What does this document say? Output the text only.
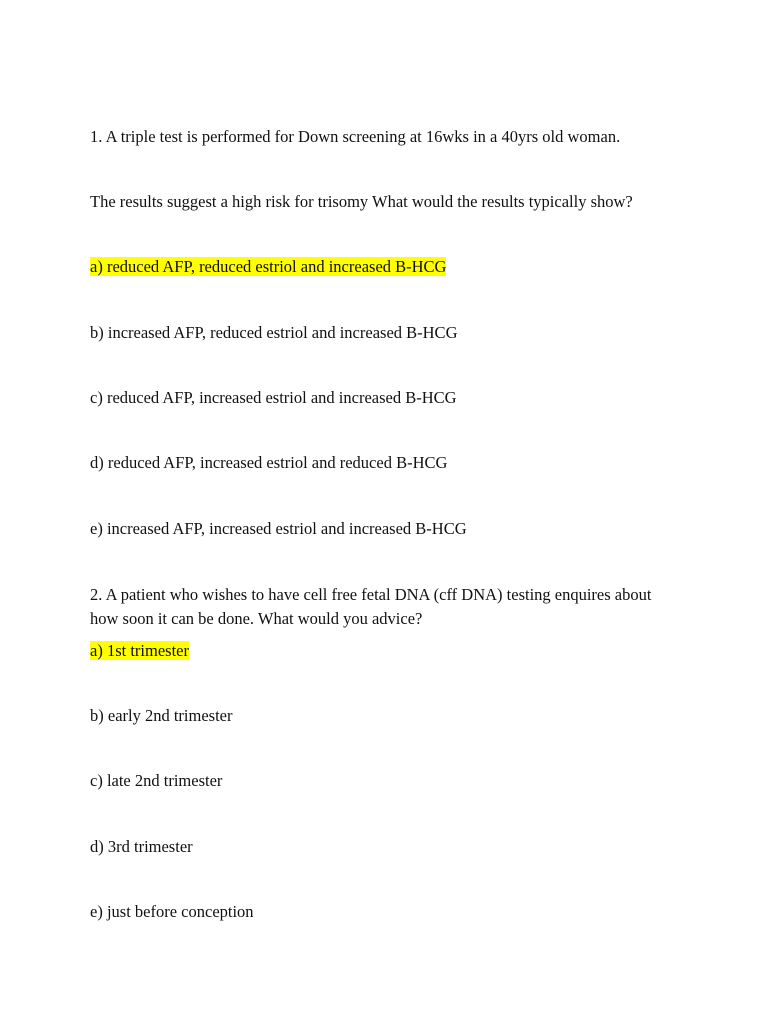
1. A triple test is performed for Down screening at 16wks in a 40yrs old woman.
The results suggest a high risk for trisomy What would the results typically show?
a) reduced AFP, reduced estriol and increased B-HCG
b) increased AFP, reduced estriol and increased B-HCG
c) reduced AFP, increased estriol and increased B-HCG
d) reduced AFP, increased estriol and reduced B-HCG
e) increased AFP, increased estriol and increased B-HCG
2. A patient who wishes to have cell free fetal DNA (cff DNA) testing enquires about how soon it can be done. What would you advice?
a) 1st trimester
b) early 2nd trimester
c) late 2nd trimester
d) 3rd trimester
e) just before conception
